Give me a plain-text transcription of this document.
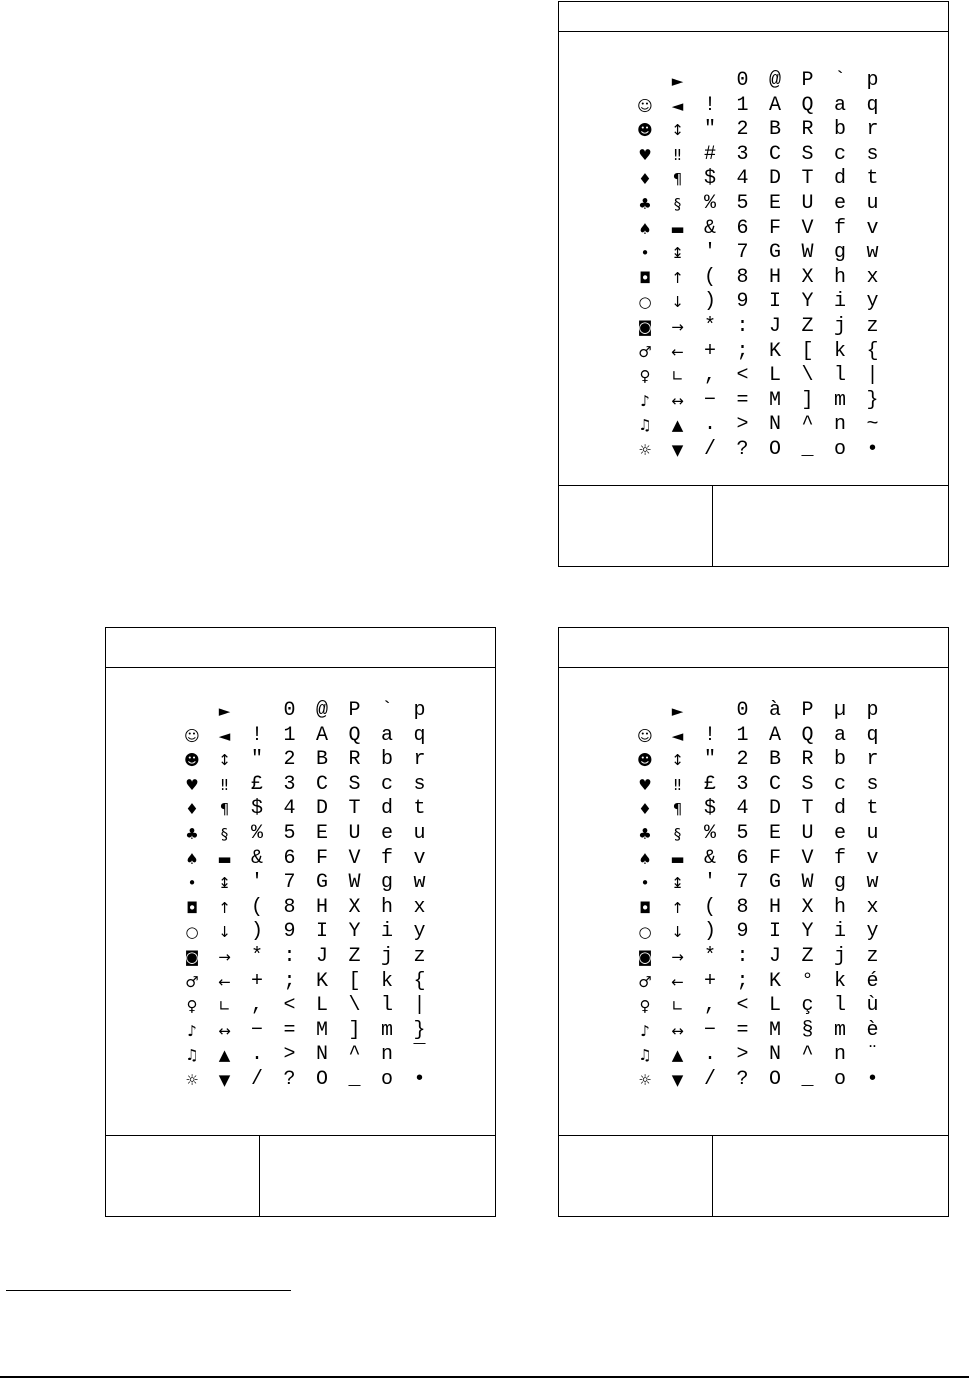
☺
☻
♥
♦
♣
♠
•
◘
○
◙
♂
♀
♪
♫
☼
►
◄
↕
‼
¶
§
▬
↨
↑
↓
→
←
∟
↔
▲
▼
!
"
#
$
%
&
'
(
)
*
+
,
−
.
/
0
1
2
3
4
5
6
7
8
9
:
;
<
=
>
?
@
A
B
C
D
E
F
G
H
I
J
K
L
M
N
O
P
Q
R
S
T
U
V
W
X
Y
Z
[
\
]
^
_
`
a
b
c
d
e
f
g
h
i
j
k
l
m
n
o
p
q
r
s
t
u
v
w
x
y
z
{
|
}
~
•
☺
☻
♥
♦
♣
♠
•
◘
○
◙
♂
♀
♪
♫
☼
►
◄
↕
‼
¶
§
▬
↨
↑
↓
→
←
∟
↔
▲
▼
!
"
£
$
%
&
'
(
)
*
+
,
−
.
/
0
1
2
3
4
5
6
7
8
9
:
;
<
=
>
?
@
A
B
C
D
E
F
G
H
I
J
K
L
M
N
O
P
Q
R
S
T
U
V
W
X
Y
Z
[
\
]
^
_
`
a
b
c
d
e
f
g
h
i
j
k
l
m
n
o
p
q
r
s
t
u
v
w
x
y
z
{
|
}
¯
•
☺
☻
♥
♦
♣
♠
•
◘
○
◙
♂
♀
♪
♫
☼
►
◄
↕
‼
¶
§
▬
↨
↑
↓
→
←
∟
↔
▲
▼
!
"
£
$
%
&
'
(
)
*
+
,
−
.
/
0
1
2
3
4
5
6
7
8
9
:
;
<
=
>
?
à
A
B
C
D
E
F
G
H
I
J
K
L
M
N
O
P
Q
R
S
T
U
V
W
X
Y
Z
°
ç
§
^
_
µ
a
b
c
d
e
f
g
h
i
j
k
l
m
n
o
p
q
r
s
t
u
v
w
x
y
z
é
ù
è
¨
•
